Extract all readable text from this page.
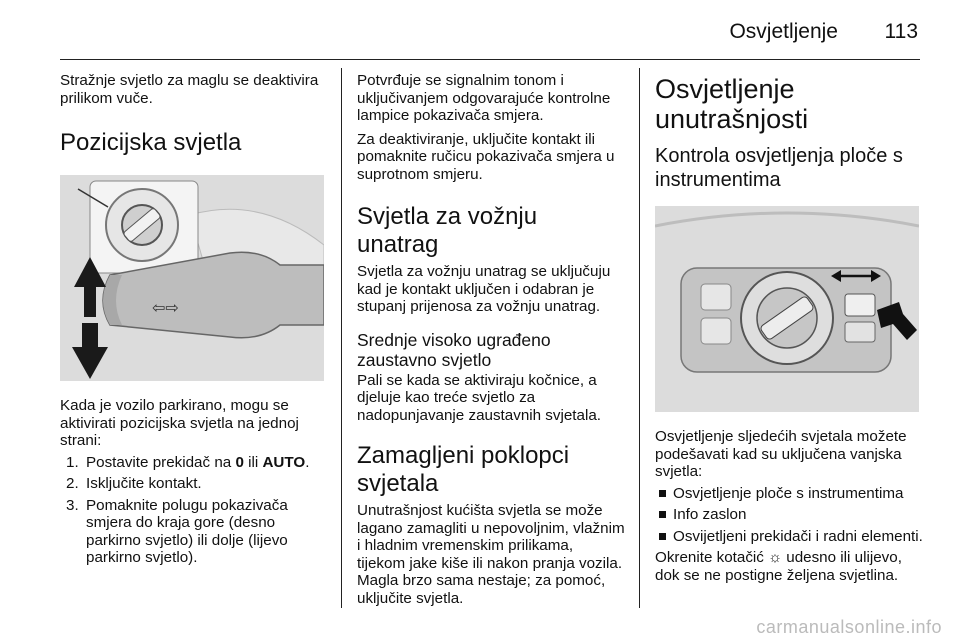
Osvjetljenje 113

Stražnje svjetlo za maglu se deaktivira prilikom vuče.

Pozicijska svjetla
⇦⇨

Kada je vozilo parkirano, mogu se aktivirati pozicijska svjetla na jednoj strani:

1. Postavite prekidač na 0 ili AUTO.
2. Isključite kontakt.
3. Pomaknite polugu pokazivača smjera do kraja gore (desno parkirno svjetlo) ili dolje (lijevo parkirno svjetlo).

Potvrđuje se signalnim tonom i uključivanjem odgovarajuće kontrolne lampice pokazivača smjera.

Za deaktiviranje, uključite kontakt ili pomaknite ručicu pokazivača smjera u suprotnom smjeru.

Svjetla za vožnju unatrag

Svjetla za vožnju unatrag se uključuju kad je kontakt uključen i odabran je stupanj prijenosa za vožnju unatrag.

Srednje visoko ugrađeno zaustavno svjetlo

Pali se kada se aktiviraju kočnice, a djeluje kao treće svjetlo za nadopunjavanje zaustavnih svjetala.

Zamagljeni poklopci svjetala

Unutrašnjost kućišta svjetla se može lagano zamagliti u nepovoljnim, vlažnim i hladnim vremenskim prilikama, tijekom jake kiše ili nakon pranja vozila. Magla brzo sama nestaje; za pomoć, uključite svjetla.

Osvjetljenje unutrašnjosti
Kontrola osvjetljenja ploče s instrumentima

Osvjetljenje sljedećih svjetala možete podešavati kad su uključena vanjska svjetla:

Osvjetljenje ploče s instrumentima
Info zaslon
Osvijetljeni prekidači i radni elementi.

Okrenite kotačić ☼ udesno ili ulijevo, dok se ne postigne željena svjetlina.

carmanualsonline.info
